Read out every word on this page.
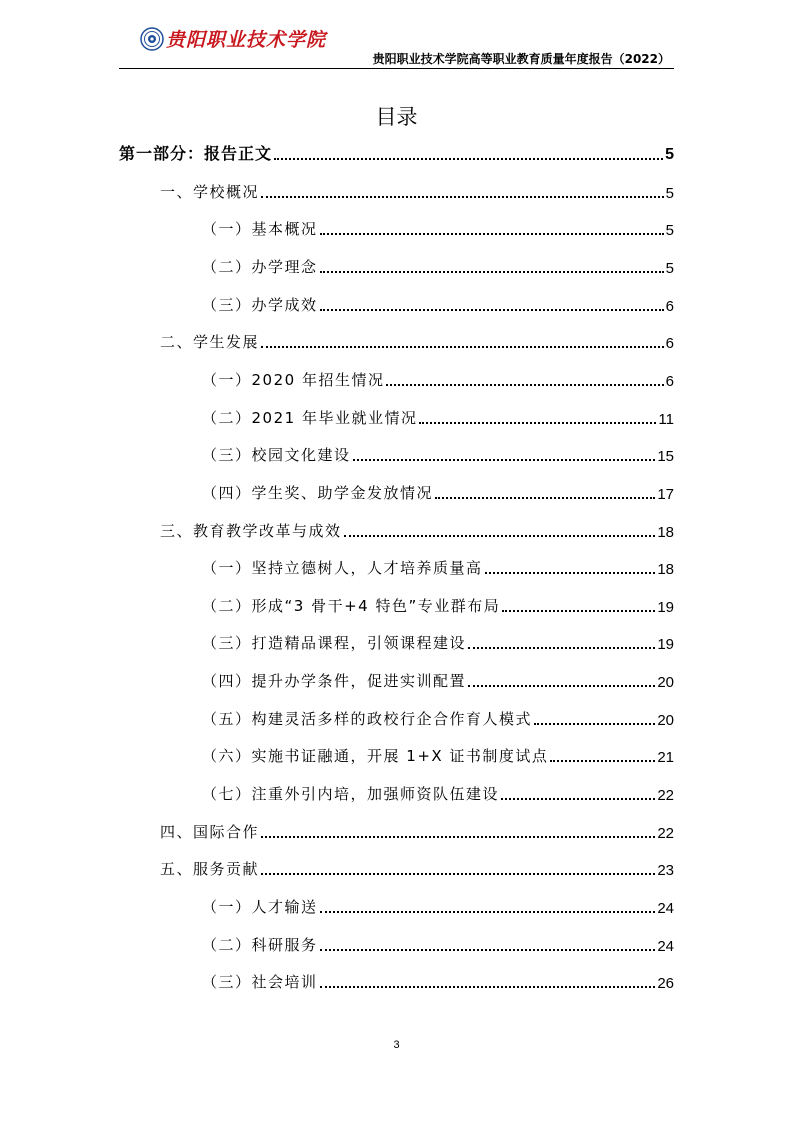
贵阳职业技术学院
贵阳职业技术学院高等职业教育质量年度报告（2022）
目录
第一部分：报告正文	5
一、学校概况	5
（一）基本概况	5
（二）办学理念	5
（三）办学成效	6
二、学生发展	6
（一）2020 年招生情况	6
（二）2021 年毕业就业情况	11
（三）校园文化建设	15
（四）学生奖、助学金发放情况	17
三、教育教学改革与成效	18
（一）坚持立德树人，人才培养质量高	18
（二）形成“3 骨干+4 特色”专业群布局	19
（三）打造精品课程，引领课程建设	19
（四）提升办学条件，促进实训配置	20
（五）构建灵活多样的政校行企合作育人模式	20
（六）实施书证融通，开展 1+X 证书制度试点	21
（七）注重外引内培，加强师资队伍建设	22
四、国际合作	22
五、服务贡献	23
（一）人才输送	24
（二）科研服务	24
（三）社会培训	26
3
